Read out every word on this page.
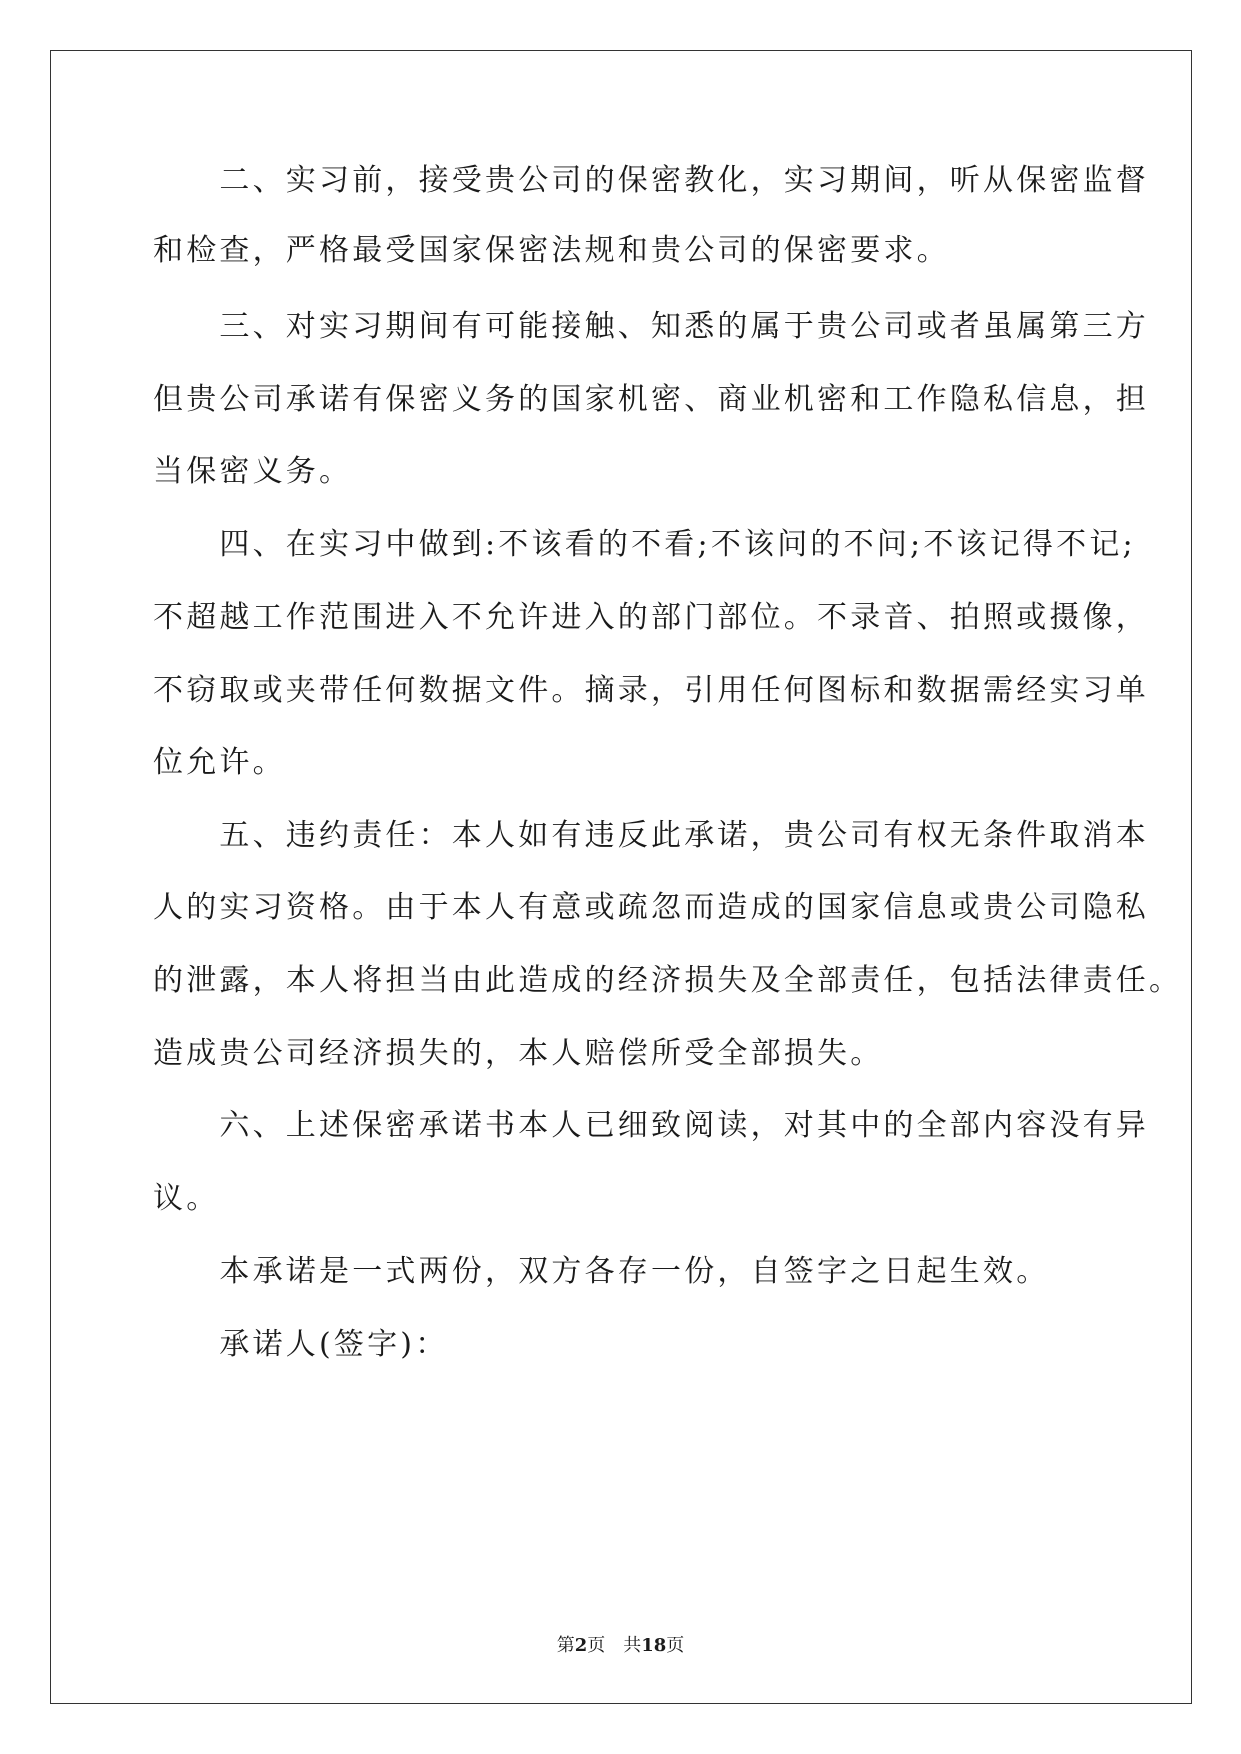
　　二、实习前，接受贵公司的保密教化，实习期间，听从保密监督
和检查，严格最受国家保密法规和贵公司的保密要求。
　　三、对实习期间有可能接触、知悉的属于贵公司或者虽属第三方
但贵公司承诺有保密义务的国家机密、商业机密和工作隐私信息，担
当保密义务。
　　四、在实习中做到:不该看的不看;不该问的不问;不该记得不记;
不超越工作范围进入不允许进入的部门部位。不录音、拍照或摄像，
不窃取或夹带任何数据文件。摘录，引用任何图标和数据需经实习单
位允许。
　　五、违约责任：本人如有违反此承诺，贵公司有权无条件取消本
人的实习资格。由于本人有意或疏忽而造成的国家信息或贵公司隐私
的泄露，本人将担当由此造成的经济损失及全部责任，包括法律责任。
造成贵公司经济损失的，本人赔偿所受全部损失。
　　六、上述保密承诺书本人已细致阅读，对其中的全部内容没有异
议。
　　本承诺是一式两份，双方各存一份，自签字之日起生效。
　　承诺人(签字)：
第2页　共18页
